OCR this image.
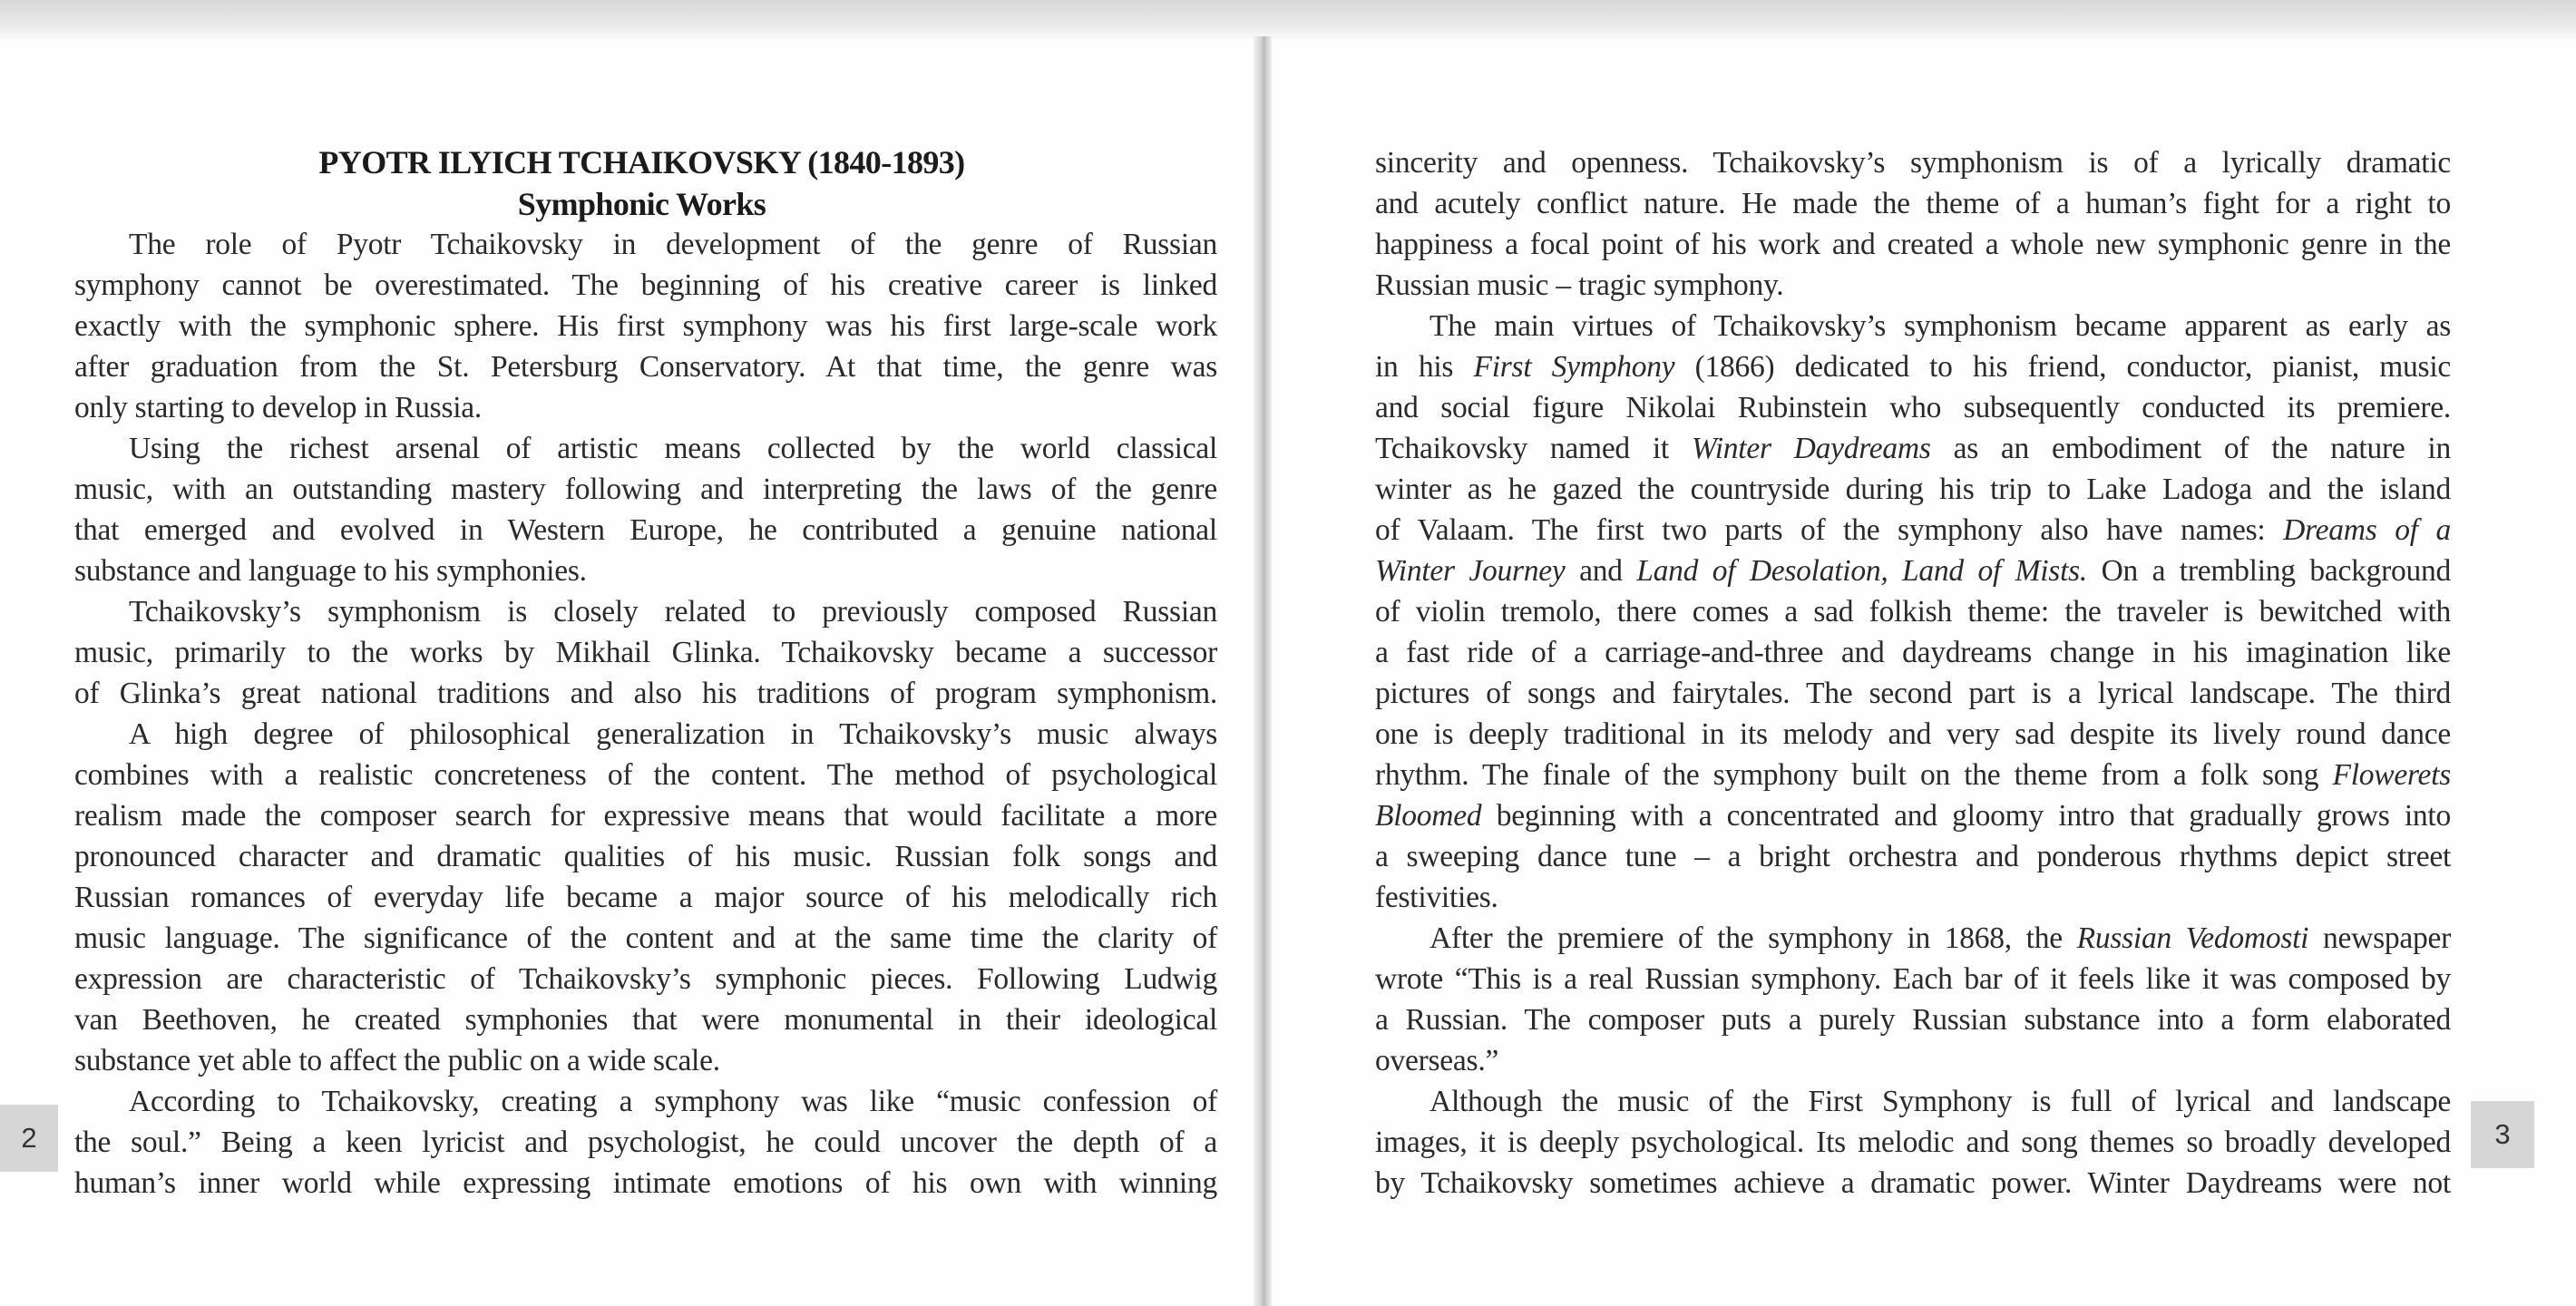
PYOTR ILYICH TCHAIKOVSKY (1840-1893)
Symphonic Works
The role of Pyotr Tchaikovsky in development of the genre of Russian
symphony cannot be overestimated. The beginning of his creative career is linked
exactly with the symphonic sphere. His first symphony was his first large-scale work
after graduation from the St. Petersburg Conservatory. At that time, the genre was
only starting to develop in Russia.
Using the richest arsenal of artistic means collected by the world classical
music, with an outstanding mastery following and interpreting the laws of the genre
that emerged and evolved in Western Europe, he contributed a genuine national
substance and language to his symphonies.
Tchaikovsky’s symphonism is closely related to previously composed Russian
music, primarily to the works by Mikhail Glinka. Tchaikovsky became a successor
of Glinka’s great national traditions and also his traditions of program symphonism.
A high degree of philosophical generalization in Tchaikovsky’s music always
combines with a realistic concreteness of the content. The method of psychological
realism made the composer search for expressive means that would facilitate a more
pronounced character and dramatic qualities of his music. Russian folk songs and
Russian romances of everyday life became a major source of his melodically rich
music language. The significance of the content and at the same time the clarity of
expression are characteristic of Tchaikovsky’s symphonic pieces. Following Ludwig
van Beethoven, he created symphonies that were monumental in their ideological
substance yet able to affect the public on a wide scale.
According to Tchaikovsky, creating a symphony was like “music confession of
the soul.” Being a keen lyricist and psychologist, he could uncover the depth of a
human’s inner world while expressing intimate emotions of his own with winning
2
sincerity and openness. Tchaikovsky’s symphonism is of a lyrically dramatic
and acutely conflict nature. He made the theme of a human’s fight for a right to
happiness a focal point of his work and created a whole new symphonic genre in the
Russian music – tragic symphony.
The main virtues of Tchaikovsky’s symphonism became apparent as early as
in his First Symphony (1866) dedicated to his friend, conductor, pianist, music
and social figure Nikolai Rubinstein who subsequently conducted its premiere.
Tchaikovsky named it Winter Daydreams as an embodiment of the nature in
winter as he gazed the countryside during his trip to Lake Ladoga and the island
of Valaam. The first two parts of the symphony also have names: Dreams of a
Winter Journey and Land of Desolation, Land of Mists. On a trembling background
of violin tremolo, there comes a sad folkish theme: the traveler is bewitched with
a fast ride of a carriage-and-three and daydreams change in his imagination like
pictures of songs and fairytales. The second part is a lyrical landscape. The third
one is deeply traditional in its melody and very sad despite its lively round dance
rhythm. The finale of the symphony built on the theme from a folk song Flowerets
Bloomed beginning with a concentrated and gloomy intro that gradually grows into
a sweeping dance tune – a bright orchestra and ponderous rhythms depict street
festivities.
After the premiere of the symphony in 1868, the Russian Vedomosti newspaper
wrote “This is a real Russian symphony. Each bar of it feels like it was composed by
a Russian. The composer puts a purely Russian substance into a form elaborated
overseas.”
Although the music of the First Symphony is full of lyrical and landscape
images, it is deeply psychological. Its melodic and song themes so broadly developed
by Tchaikovsky sometimes achieve a dramatic power. Winter Daydreams were not
3
